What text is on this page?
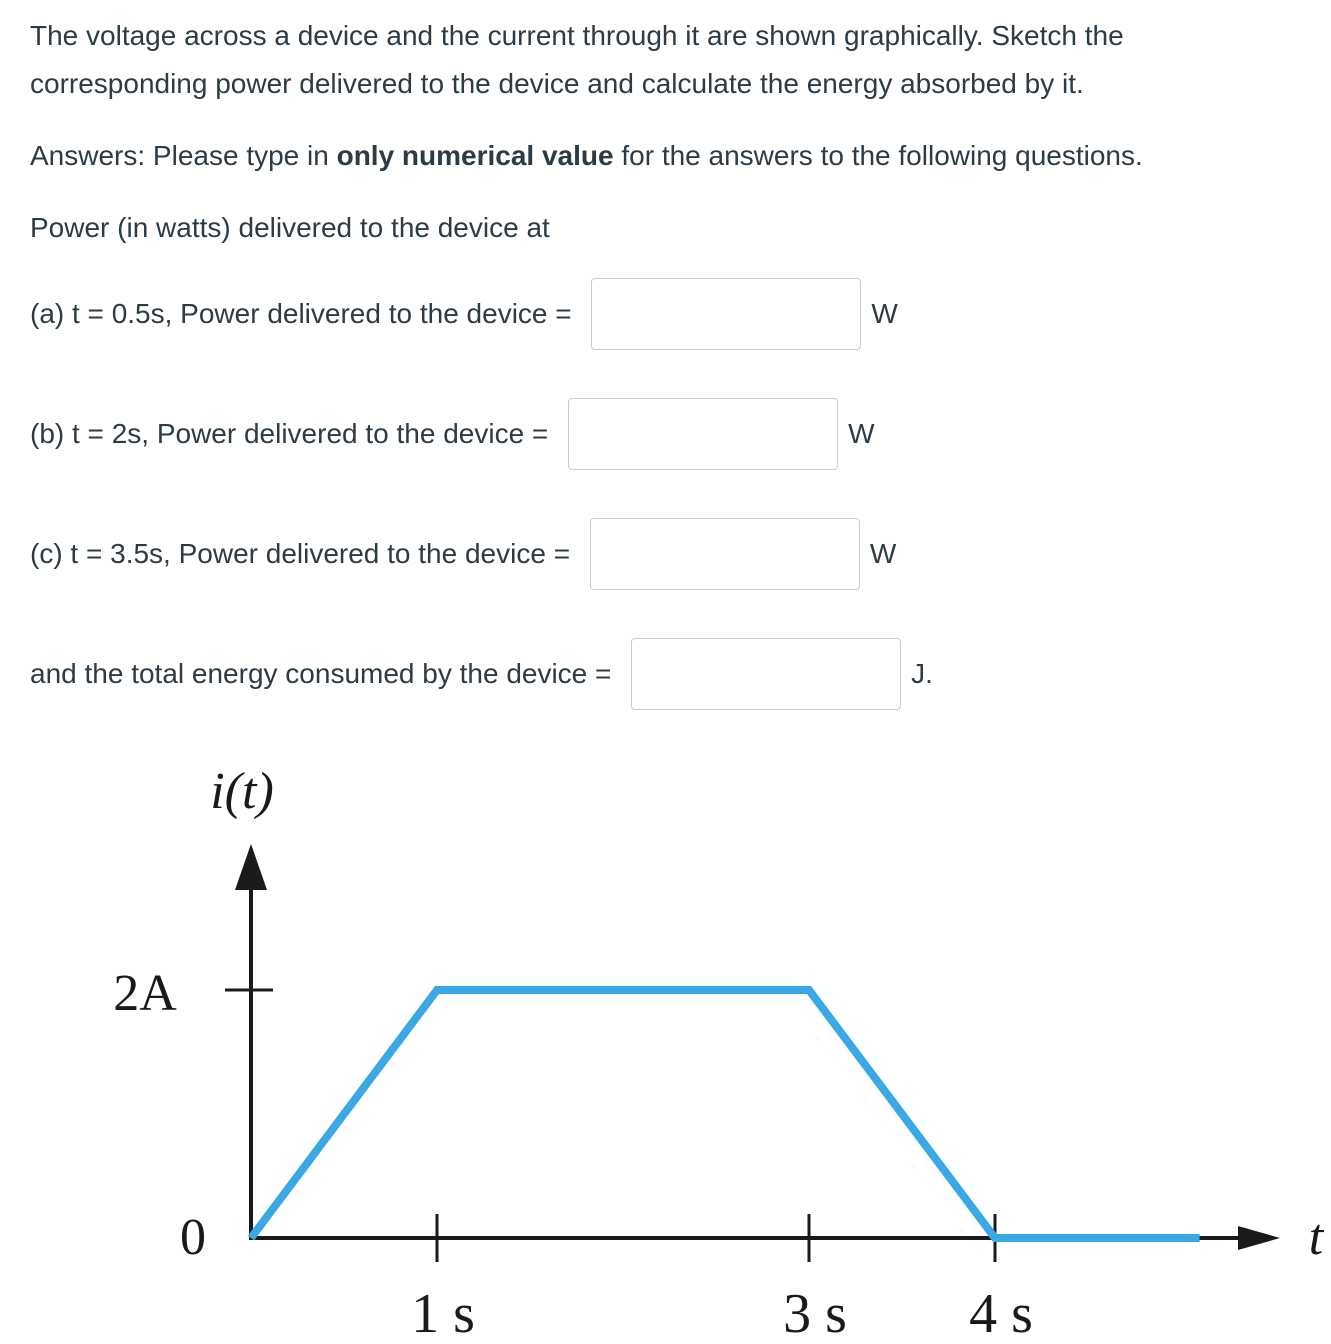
The voltage across a device and the current through it are shown graphically. Sketch the corresponding power delivered to the device and calculate the energy absorbed by it.

Answers: Please type in only numerical value for the answers to the following questions.

Power (in watts) delivered to the device at

(a) t = 0.5s, Power delivered to the device =	W
(b) t = 2s, Power delivered to the device =	W
(c) t = 3.5s, Power delivered to the device =	W
and the total energy consumed by the device =	J.
i(t)
t
2A
0
1 s	3 s 4 s
